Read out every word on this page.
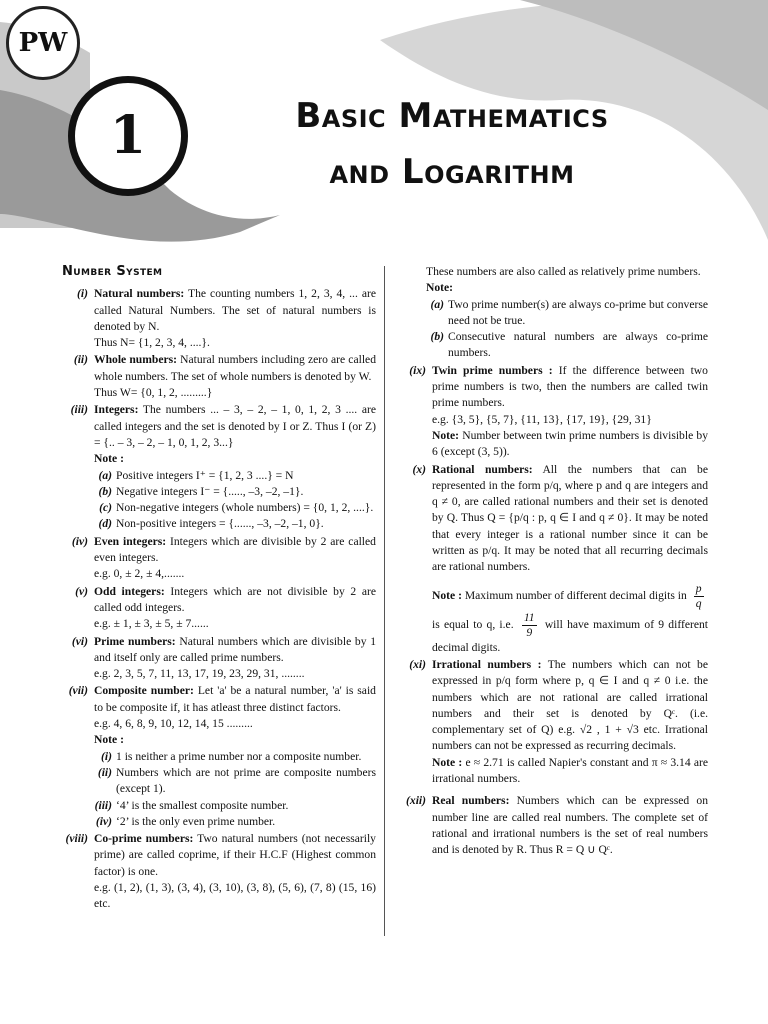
PW
1	Basic Mathematics
and Logarithm
Number System
(i) Natural numbers: The counting numbers 1, 2, 3, 4, ... are called Natural Numbers. The set of natural numbers is denoted by N.
Thus N= {1, 2, 3, 4, ....}.
(ii) Whole numbers: Natural numbers including zero are called whole numbers. The set of whole numbers is denoted by W.
Thus W= {0, 1, 2, .........}
(iii) Integers: The numbers ... – 3, – 2, – 1, 0, 1, 2, 3 .... are called integers and the set is denoted by I or Z. Thus I (or Z) = {.. – 3, – 2, – 1, 0, 1, 2, 3...}
Note :
(a) Positive integers I⁺ = {1, 2, 3 ....} = N
(b) Negative integers I⁻ = {....., –3, –2, –1}.
(c) Non-negative integers (whole numbers) = {0, 1, 2, ....}.
(d) Non-positive integers = {......, –3, –2, –1, 0}.
(iv) Even integers: Integers which are divisible by 2 are called even integers.
e.g. 0, ± 2, ± 4,.......
(v) Odd integers: Integers which are not divisible by 2 are called odd integers.
e.g. ± 1, ± 3, ± 5, ± 7......
(vi) Prime numbers: Natural numbers which are divisible by 1 and itself only are called prime numbers.
e.g. 2, 3, 5, 7, 11, 13, 17, 19, 23, 29, 31, ........
(vii) Composite number: Let 'a' be a natural number, 'a' is said to be composite if, it has atleast three distinct factors.
e.g. 4, 6, 8, 9, 10, 12, 14, 15 .........
Note :
(i) 1 is neither a prime number nor a composite number.
(ii) Numbers which are not prime are composite numbers (except 1).
(iii) ‘4’ is the smallest composite number.
(iv) ‘2’ is the only even prime number.
(viii) Co-prime numbers: Two natural numbers (not necessarily prime) are called coprime, if their H.C.F (Highest common factor) is one.
e.g. (1, 2), (1, 3), (3, 4), (3, 10), (3, 8), (5, 6), (7, 8) (15, 16) etc.
These numbers are also called as relatively prime numbers.
Note:
(a) Two prime number(s) are always co-prime but converse need not be true.
(b) Consecutive natural numbers are always co-prime numbers.
(ix) Twin prime numbers : If the difference between two prime numbers is two, then the numbers are called twin prime numbers.
e.g. {3, 5}, {5, 7}, {11, 13}, {17, 19}, {29, 31}
Note: Number between twin prime numbers is divisible by 6 (except (3, 5)).
(x) Rational numbers: All the numbers that can be represented in the form p/q, where p and q are integers and q ≠ 0, are called rational numbers and their set is denoted by Q. Thus Q = {p/q : p, q ∈ I and q ≠ 0}. It may be noted that every integer is a rational number since it can be written as p/q. It may be noted that all recurring decimals are rational numbers.
Note : Maximum number of different decimal digits in $\frac{p}{q}$
is equal to q, i.e. $\frac{11}{9}$ will have maximum of 9 different decimal digits.
(xi) Irrational numbers : The numbers which can not be expressed in p/q form where p, q ∈ I and q ≠ 0 i.e. the numbers which are not rational are called irrational numbers and their set is denoted by Qᶜ. (i.e. complementary set of Q) e.g. √2 , 1 + √3 etc. Irrational numbers can not be expressed as recurring decimals.
Note : e ≈ 2.71 is called Napier's constant and π ≈ 3.14 are irrational numbers.
(xii) Real numbers: Numbers which can be expressed on number line are called real numbers. The complete set of rational and irrational numbers is the set of real numbers and is denoted by R. Thus R = Q ∪ Qᶜ.
